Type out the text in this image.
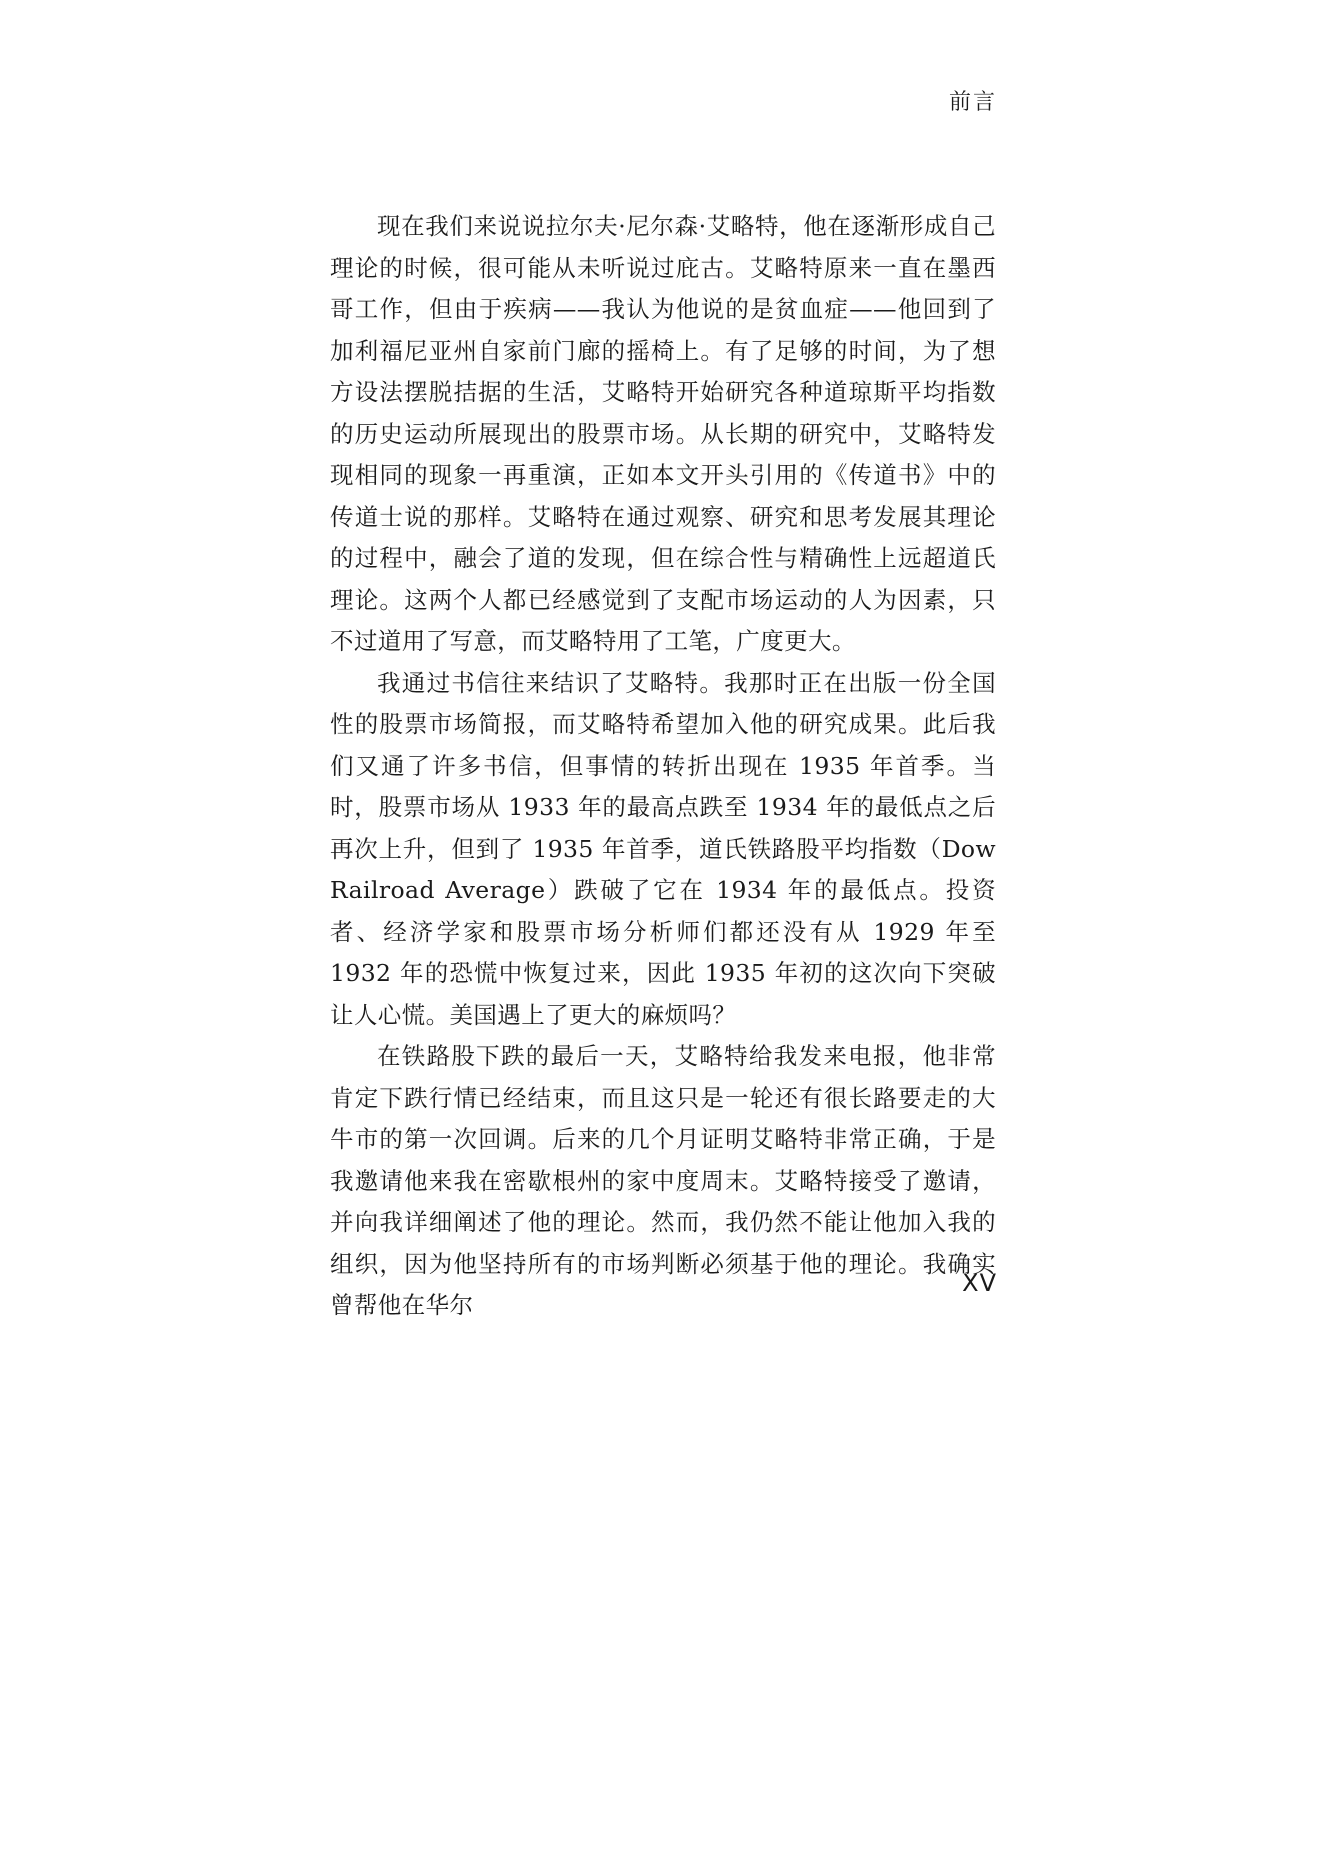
前言

现在我们来说说拉尔夫·尼尔森·艾略特，他在逐渐形成自己理论的时候，很可能从未听说过庇古。艾略特原来一直在墨西哥工作，但由于疾病——我认为他说的是贫血症——他回到了加利福尼亚州自家前门廊的摇椅上。有了足够的时间，为了想方设法摆脱拮据的生活，艾略特开始研究各种道琼斯平均指数的历史运动所展现出的股票市场。从长期的研究中，艾略特发现相同的现象一再重演，正如本文开头引用的《传道书》中的传道士说的那样。艾略特在通过观察、研究和思考发展其理论的过程中，融会了道的发现，但在综合性与精确性上远超道氏理论。这两个人都已经感觉到了支配市场运动的人为因素，只不过道用了写意，而艾略特用了工笔，广度更大。

我通过书信往来结识了艾略特。我那时正在出版一份全国性的股票市场简报，而艾略特希望加入他的研究成果。此后我们又通了许多书信，但事情的转折出现在 1935 年首季。当时，股票市场从 1933 年的最高点跌至 1934 年的最低点之后再次上升，但到了 1935 年首季，道氏铁路股平均指数（Dow Railroad Average）跌破了它在 1934 年的最低点。投资者、经济学家和股票市场分析师们都还没有从 1929 年至 1932 年的恐慌中恢复过来，因此 1935 年初的这次向下突破让人心慌。美国遇上了更大的麻烦吗？

在铁路股下跌的最后一天，艾略特给我发来电报，他非常肯定下跌行情已经结束，而且这只是一轮还有很长路要走的大牛市的第一次回调。后来的几个月证明艾略特非常正确，于是我邀请他来我在密歇根州的家中度周末。艾略特接受了邀请，并向我详细阐述了他的理论。然而，我仍然不能让他加入我的组织，因为他坚持所有的市场判断必须基于他的理论。我确实曾帮他在华尔

XV
